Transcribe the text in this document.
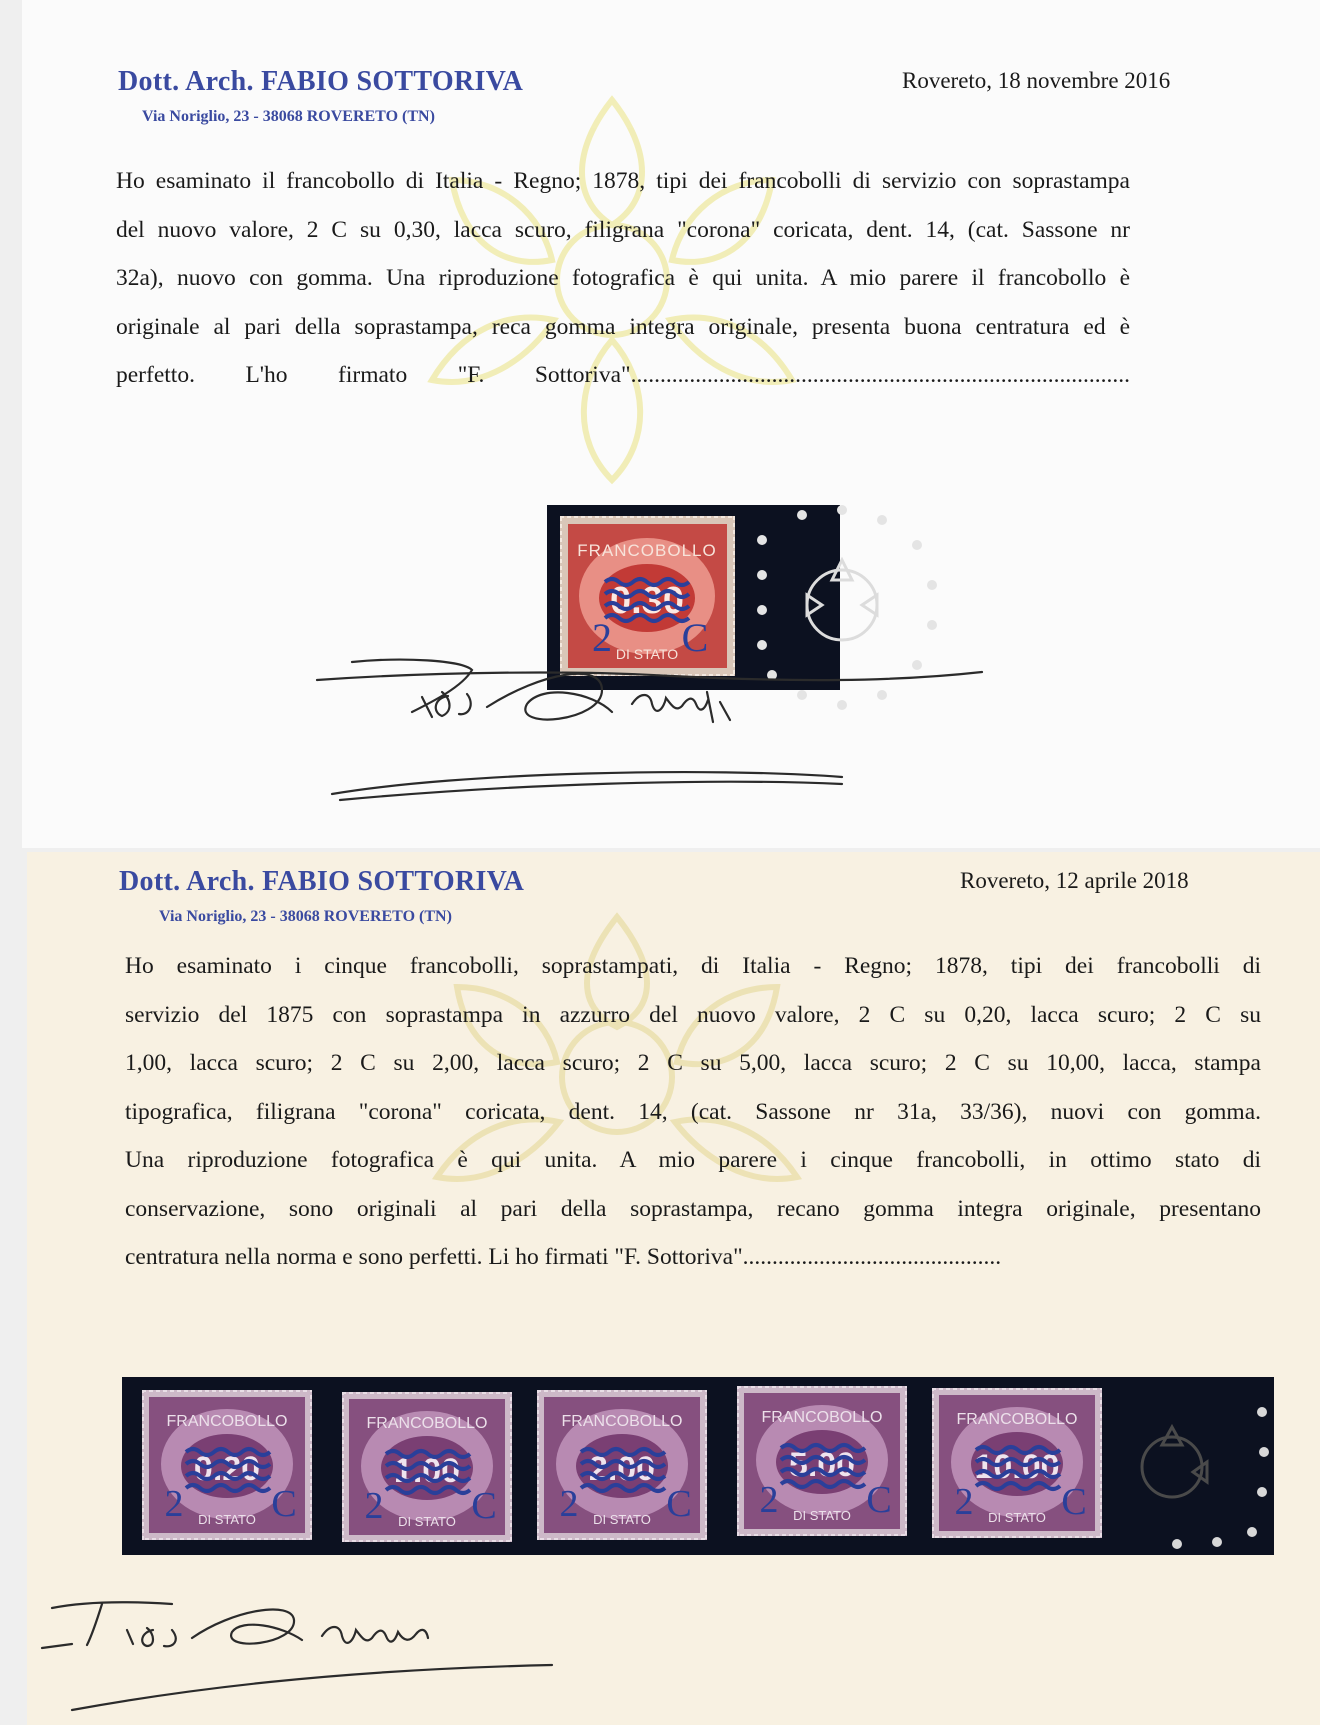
Dott. Arch. FABIO SOTTORIVA
Via Noriglio, 23 - 38068 ROVERETO (TN)
Rovereto, 18 novembre 2016
Ho esaminato il francobollo di Italia - Regno; 1878, tipi dei francobolli di servizio con soprastampa
del nuovo valore, 2 C su 0,30, lacca scuro, filigrana "corona" coricata, dent. 14, (cat. Sassone nr
32a), nuovo con gomma. Una riproduzione fotografica è qui unita. A mio parere il francobollo è
originale al pari della soprastampa, reca gomma integra originale, presenta buona centratura ed è
perfetto. L'ho firmato "F. Sottoriva".....................................................................................
FRANCOBOLLO
DI STATO
0.30
2 C
Dott. Arch. FABIO SOTTORIVA
Via Noriglio, 23 - 38068 ROVERETO (TN)
Rovereto, 12 aprile 2018
Ho esaminato i cinque francobolli, soprastampati, di Italia - Regno; 1878, tipi dei francobolli di
servizio del 1875 con soprastampa in azzurro del nuovo valore, 2 C su 0,20, lacca scuro; 2 C su
1,00, lacca scuro; 2 C su 2,00, lacca scuro; 2 C su 5,00, lacca scuro; 2 C su 10,00, lacca, stampa
tipografica, filigrana "corona" coricata, dent. 14, (cat. Sassone nr 31a, 33/36), nuovi con gomma.
Una riproduzione fotografica è qui unita. A mio parere i cinque francobolli, in ottimo stato di
conservazione, sono originali al pari della soprastampa, recano gomma integra originale, presentano
centratura nella norma e sono perfetti. Li ho firmati "F. Sottoriva"............................................
FRANCOBOLLO
DI STATO
0.20
2 C
FRANCOBOLLO
DI STATO
1.00
2 C
FRANCOBOLLO
DI STATO
2.00
2 C
FRANCOBOLLO
DI STATO
5.00
2 C
FRANCOBOLLO
DI STATO
10.00
2 C
